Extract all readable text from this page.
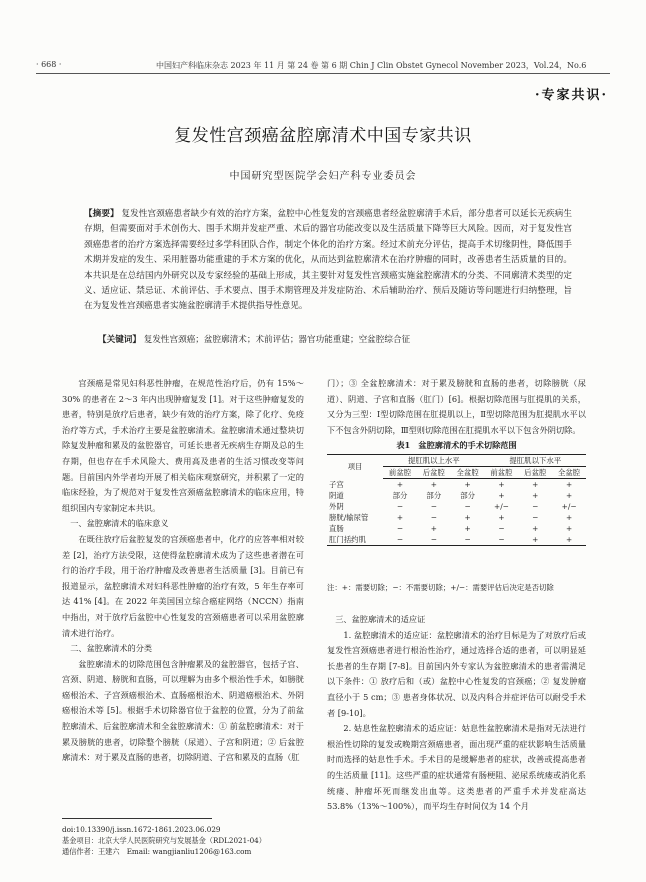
· 668 ·	中国妇产科临床杂志 2023 年 11 月 第 24 卷 第 6 期 Chin J Clin Obstet Gynecol November 2023，Vol.24，No.6
·专家共识·
复发性宫颈癌盆腔廓清术中国专家共识
中国研究型医院学会妇产科专业委员会
【摘要】 复发性宫颈癌患者缺少有效的治疗方案，盆腔中心性复发的宫颈癌患者经盆腔廓清手术后，部分患者可以延长无疾病生存期，但需要面对手术创伤大、围手术期并发症严重、术后的器官功能改变以及生活质量下降等巨大风险。因而，对于复发性宫颈癌患者的治疗方案选择需要经过多学科团队合作，制定个体化的治疗方案。经过术前充分评估，提高手术切缘阴性，降低围手术期并发症的发生、采用脏器功能重建的手术方案的优化，从而达到盆腔廓清术在治疗肿瘤的同时，改善患者生活质量的目的。本共识是在总结国内外研究以及专家经验的基础上形成，其主要针对复发性宫颈癌实施盆腔廓清术的分类、不同廓清术类型的定义、适应证、禁忌证、术前评估、手术要点、围手术期管理及并发症防治、术后辅助治疗、预后及随访等问题进行归纳整理，旨在为复发性宫颈癌患者实施盆腔廓清手术提供指导性意见。
【关键词】 复发性宫颈癌；盆腔廓清术；术前评估；器官功能重建；空盆腔综合征

宫颈癌是常见妇科恶性肿瘤，在规范性治疗后，仍有 15%～30% 的患者在 2～3 年内出现肿瘤复发 [1]。对于这些肿瘤复发的患者，特别是放疗后患者，缺少有效的治疗方案，除了化疗、免疫治疗等方式，手术治疗主要是盆腔廓清术。盆腔廓清术通过整块切除复发肿瘤和累及的盆腔器官，可延长患者无疾病生存期及总的生存期，但也存在手术风险大、费用高及患者的生活习惯改变等问题。目前国内外学者均开展了相关临床观察研究，并积累了一定的临床经验，为了规范对于复发性宫颈癌盆腔廓清术的临床应用，特组织国内专家制定本共识。

一、盆腔廓清术的临床意义

在既往放疗后盆腔复发的宫颈癌患者中，化疗的应答率相对较差 [2]，治疗方法受限，这使得盆腔廓清术成为了这些患者潜在可行的治疗手段，用于治疗肿瘤及改善患者生活质量 [3]。目前已有报道显示，盆腔廓清术对妇科恶性肿瘤的治疗有效，5 年生存率可达 41% [4]。在 2022 年美国国立综合癌症网络（NCCN）指南中指出，对于放疗后盆腔中心性复发的宫颈癌患者可以采用盆腔廓清术进行治疗。

二、盆腔廓清术的分类

盆腔廓清术的切除范围包含肿瘤累及的盆腔器官，包括子宫、宫颈、阴道、膀胱和直肠，可以理解为由多个根治性手术，如膀胱癌根治术、子宫颈癌根治术、直肠癌根治术、阴道癌根治术、外阴癌根治术等 [5]。根据手术切除器官位于盆腔的位置，分为了前盆腔廓清术、后盆腔廓清术和全盆腔廓清术：① 前盆腔廓清术：对于累及膀胱的患者，切除整个膀胱（尿道）、子宫和阴道；② 后盆腔廓清术：对于累及直肠的患者，切除阴道、子宫和累及的直肠（肛

门）；③ 全盆腔廓清术：对于累及膀胱和直肠的患者，切除膀胱（尿道）、阴道、子宫和直肠（肛门）[6]。根据切除范围与肛提肌的关系，又分为三型：Ⅰ型切除范围在肛提肌以上，Ⅱ型切除范围为肛提肌水平以下不包含外阴切除，Ⅲ型则切除范围在肛提肌水平以下包含外阴切除。

表1　盆腔廓清术的手术切除范围
项目	提肛肌以上水平			提肛肌以下水平		
	前盆腔	后盆腔	全盆腔	前盆腔	后盆腔	全盆腔
子宫	+	+	+	+	+	+
阴道	部分	部分	部分	+	+	+
外阴	−	−	−	+/−	−	+/−
膀胱/输尿管	+	−	+	+	−	+
直肠	−	+	+	−	+	+
肛门括约肌	−	−	−	−	+	+
注：+：需要切除；−：不需要切除；+/−：需要评估后决定是否切除

三、盆腔廓清术的适应证

1. 盆腔廓清术的适应证：盆腔廓清术的治疗目标是为了对放疗后或复发性宫颈癌患者进行根治性治疗，通过选择合适的患者，可以明显延长患者的生存期 [7-8]。目前国内外专家认为盆腔廓清术的患者需满足以下条件：① 放疗后和（或）盆腔中心性复发的宫颈癌；② 复发肿瘤直径小于 5 cm；③ 患者身体状况、以及内科合并症评估可以耐受手术者 [9-10]。

2. 姑息性盆腔廓清术的适应证：姑息性盆腔廓清术是指对无法进行根治性切除的复发或晚期宫颈癌患者，面出现严重的症状影响生活质量时而选择的姑息性手术。手术目的是缓解患者的症状，改善或提高患者的生活质量 [11]。这些严重的症状通常有肠梗阻、泌尿系统瘘或消化系统瘘、肿瘤坏死而继发出血等。这类患者的严重手术并发症高达 53.8%（13%～100%），而平均生存时间仅为 14 个月

doi:10.13390/j.issn.1672-1861.2023.06.029
基金项目：北京大学人民医院研究与发展基金（RDL2021-04）
通信作者：王建六　Email: wangjianliu1206@163.com
